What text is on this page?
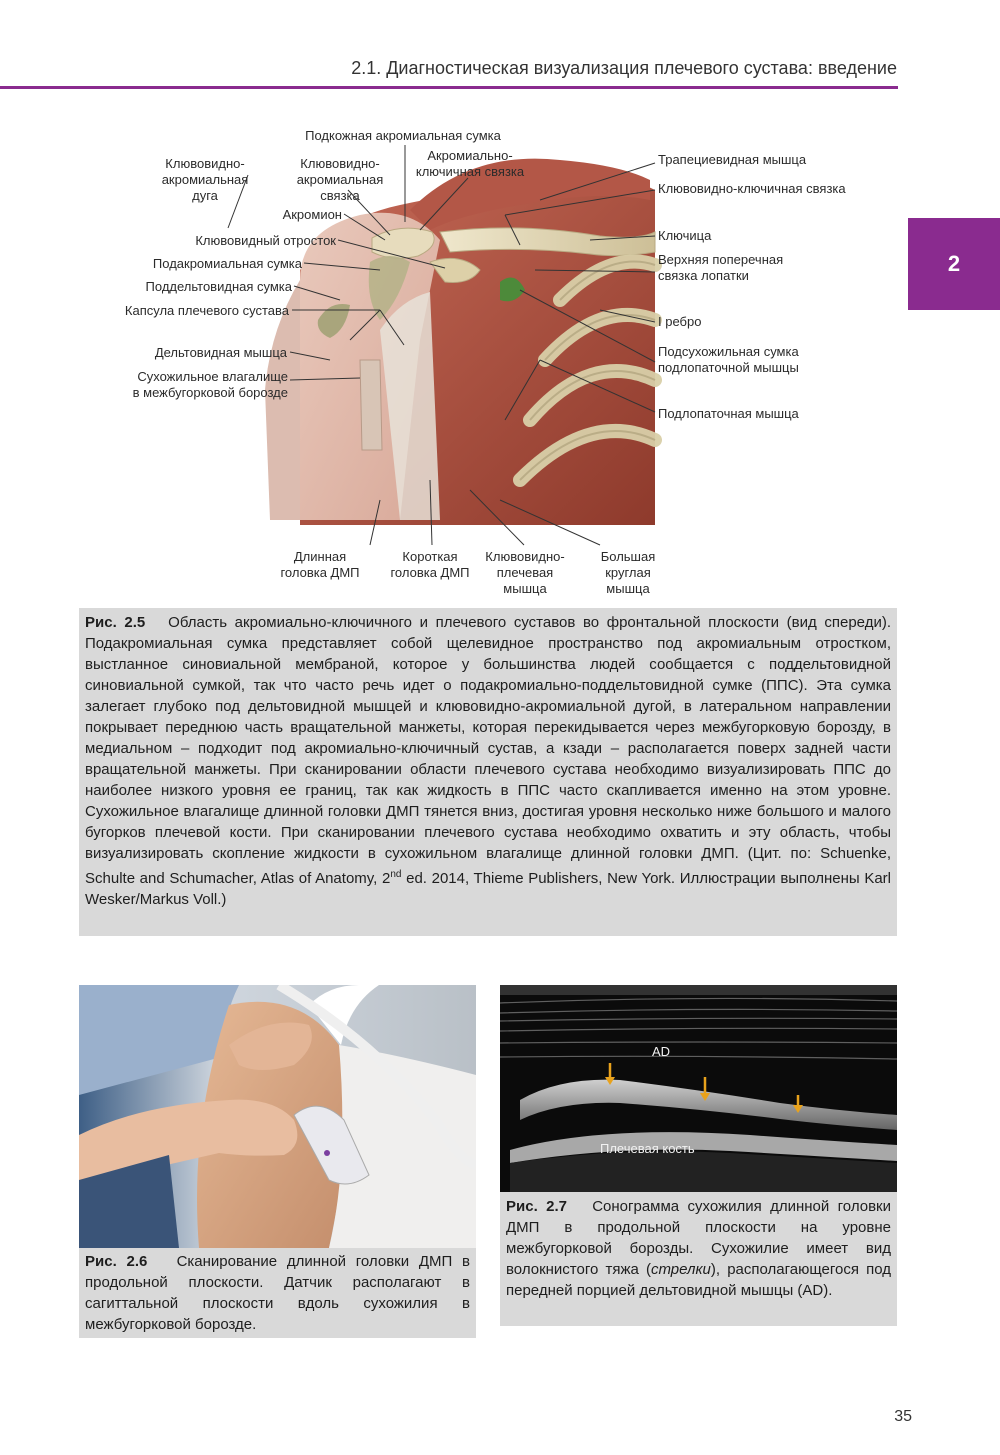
2.1. Диагностическая визуализация плечевого сустава: введение
2
Подкожная акромиальная сумка
Клювовидно-
акромиальная
дуга
Клювовидно-
акромиальная
связка
Акромиально-
ключичная связка
Акромион
Клювовидный отросток
Подакромиальная сумка
Поддельтовидная сумка
Капсула плечевого сустава
Дельтовидная мышца
Сухожильное влагалище
в межбугорковой борозде
Трапециевидная мышца
Клювовидно-ключичная связка
Ключица
Верхняя поперечная
связка лопатки
I ребро
Подсухожильная сумка
подлопаточной мышцы
Подлопаточная мышца
Длинная
головка ДМП
Короткая
головка ДМП
Клювовидно-
плечевая
мышца
Большая
круглая
мышца
Рис. 2.5 Область акромиально-ключичного и плечевого суставов во фронтальной плоскости (вид спереди). Подакромиальная сумка представляет собой щелевидное пространство под акромиальным отростком, выстланное синовиальной мембраной, которое у большинства людей сообщается с поддельтовидной синовиальной сумкой, так что часто речь идет о подакромиально-поддельтовидной сумке (ППС). Эта сумка залегает глубоко под дельтовидной мышцей и клювовидно-акромиальной дугой, в латеральном направлении покрывает переднюю часть вращательной манжеты, которая перекидывается через межбугорковую борозду, в медиальном – подходит под акромиально-ключичный сустав, а кзади – располагается поверх задней части вращательной манжеты. При сканировании области плечевого сустава необходимо визуализировать ППС до наиболее низкого уровня ее границ, так как жидкость в ППС часто скапливается именно на этом уровне. Сухожильное влагалище длинной головки ДМП тянется вниз, достигая уровня несколько ниже большого и малого бугорков плечевой кости. При сканировании плечевого сустава необходимо охватить и эту область, чтобы визуализировать скопление жидкости в сухожильном влагалище длинной головки ДМП. (Цит. по: Schuenke, Schulte and Schumacher, Atlas of Anatomy, 2nd ed. 2014, Thieme Publishers, New York. Иллюстрации выполнены Karl Wesker/Markus Voll.)
Рис. 2.6 Сканирование длинной головки ДМП в продольной плоскости. Датчик располагают в сагиттальной плоскости вдоль сухожилия в межбугорковой борозде.
AD
Плечевая кость
Рис. 2.7 Сонограмма сухожилия длинной головки ДМП в продольной плоскости на уровне межбугорковой борозды. Сухожилие имеет вид волокнистого тяжа (стрелки), располагающегося под передней порцией дельтовидной мышцы (AD).
35
